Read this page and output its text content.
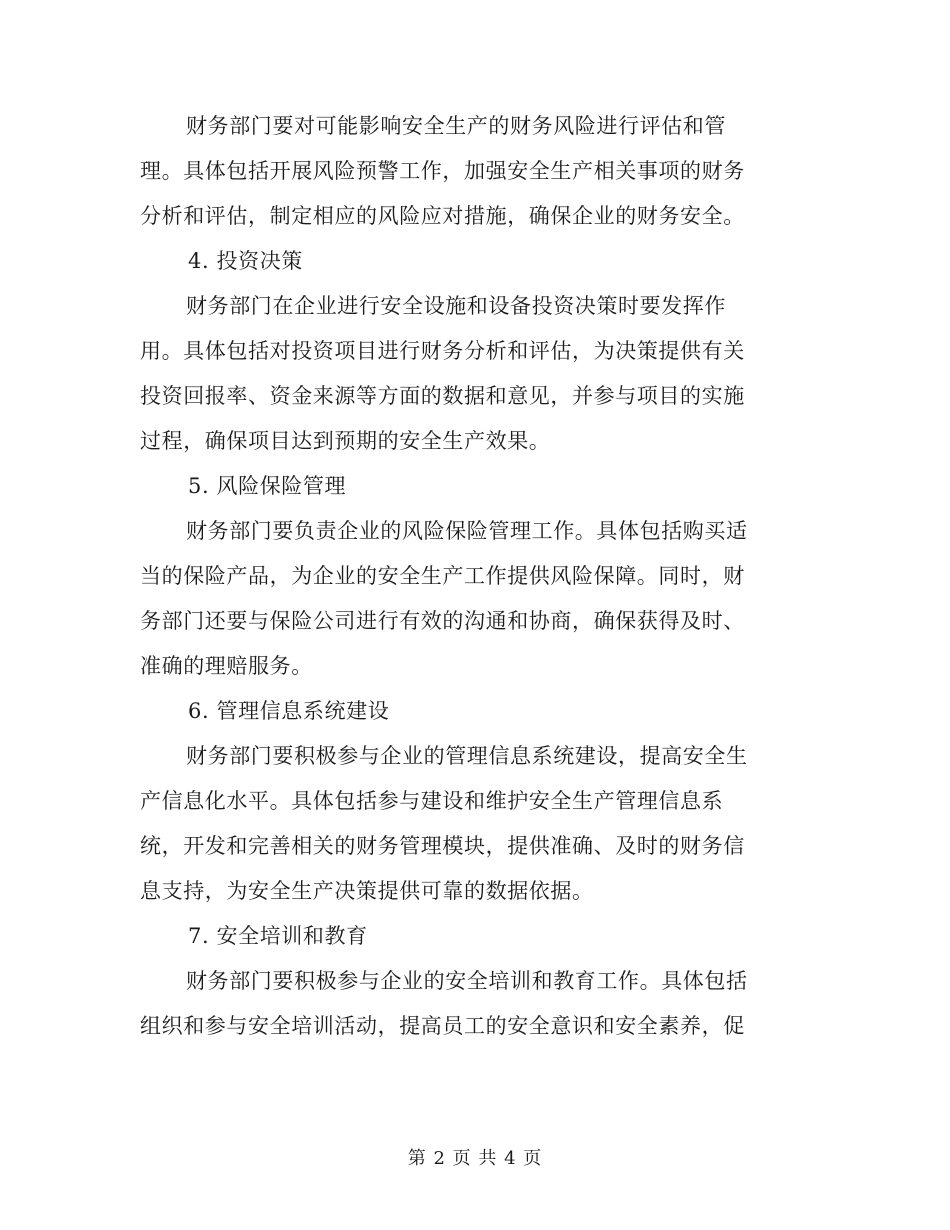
财务部门要对可能影响安全生产的财务风险进行评估和管
理。具体包括开展风险预警工作，加强安全生产相关事项的财务
分析和评估，制定相应的风险应对措施，确保企业的财务安全。
4. 投资决策
财务部门在企业进行安全设施和设备投资决策时要发挥作
用。具体包括对投资项目进行财务分析和评估，为决策提供有关
投资回报率、资金来源等方面的数据和意见，并参与项目的实施
过程，确保项目达到预期的安全生产效果。
5. 风险保险管理
财务部门要负责企业的风险保险管理工作。具体包括购买适
当的保险产品，为企业的安全生产工作提供风险保障。同时，财
务部门还要与保险公司进行有效的沟通和协商，确保获得及时、
准确的理赔服务。
6. 管理信息系统建设
财务部门要积极参与企业的管理信息系统建设，提高安全生
产信息化水平。具体包括参与建设和维护安全生产管理信息系
统，开发和完善相关的财务管理模块，提供准确、及时的财务信
息支持，为安全生产决策提供可靠的数据依据。
7. 安全培训和教育
财务部门要积极参与企业的安全培训和教育工作。具体包括
组织和参与安全培训活动，提高员工的安全意识和安全素养，促
第 2 页 共 4 页
